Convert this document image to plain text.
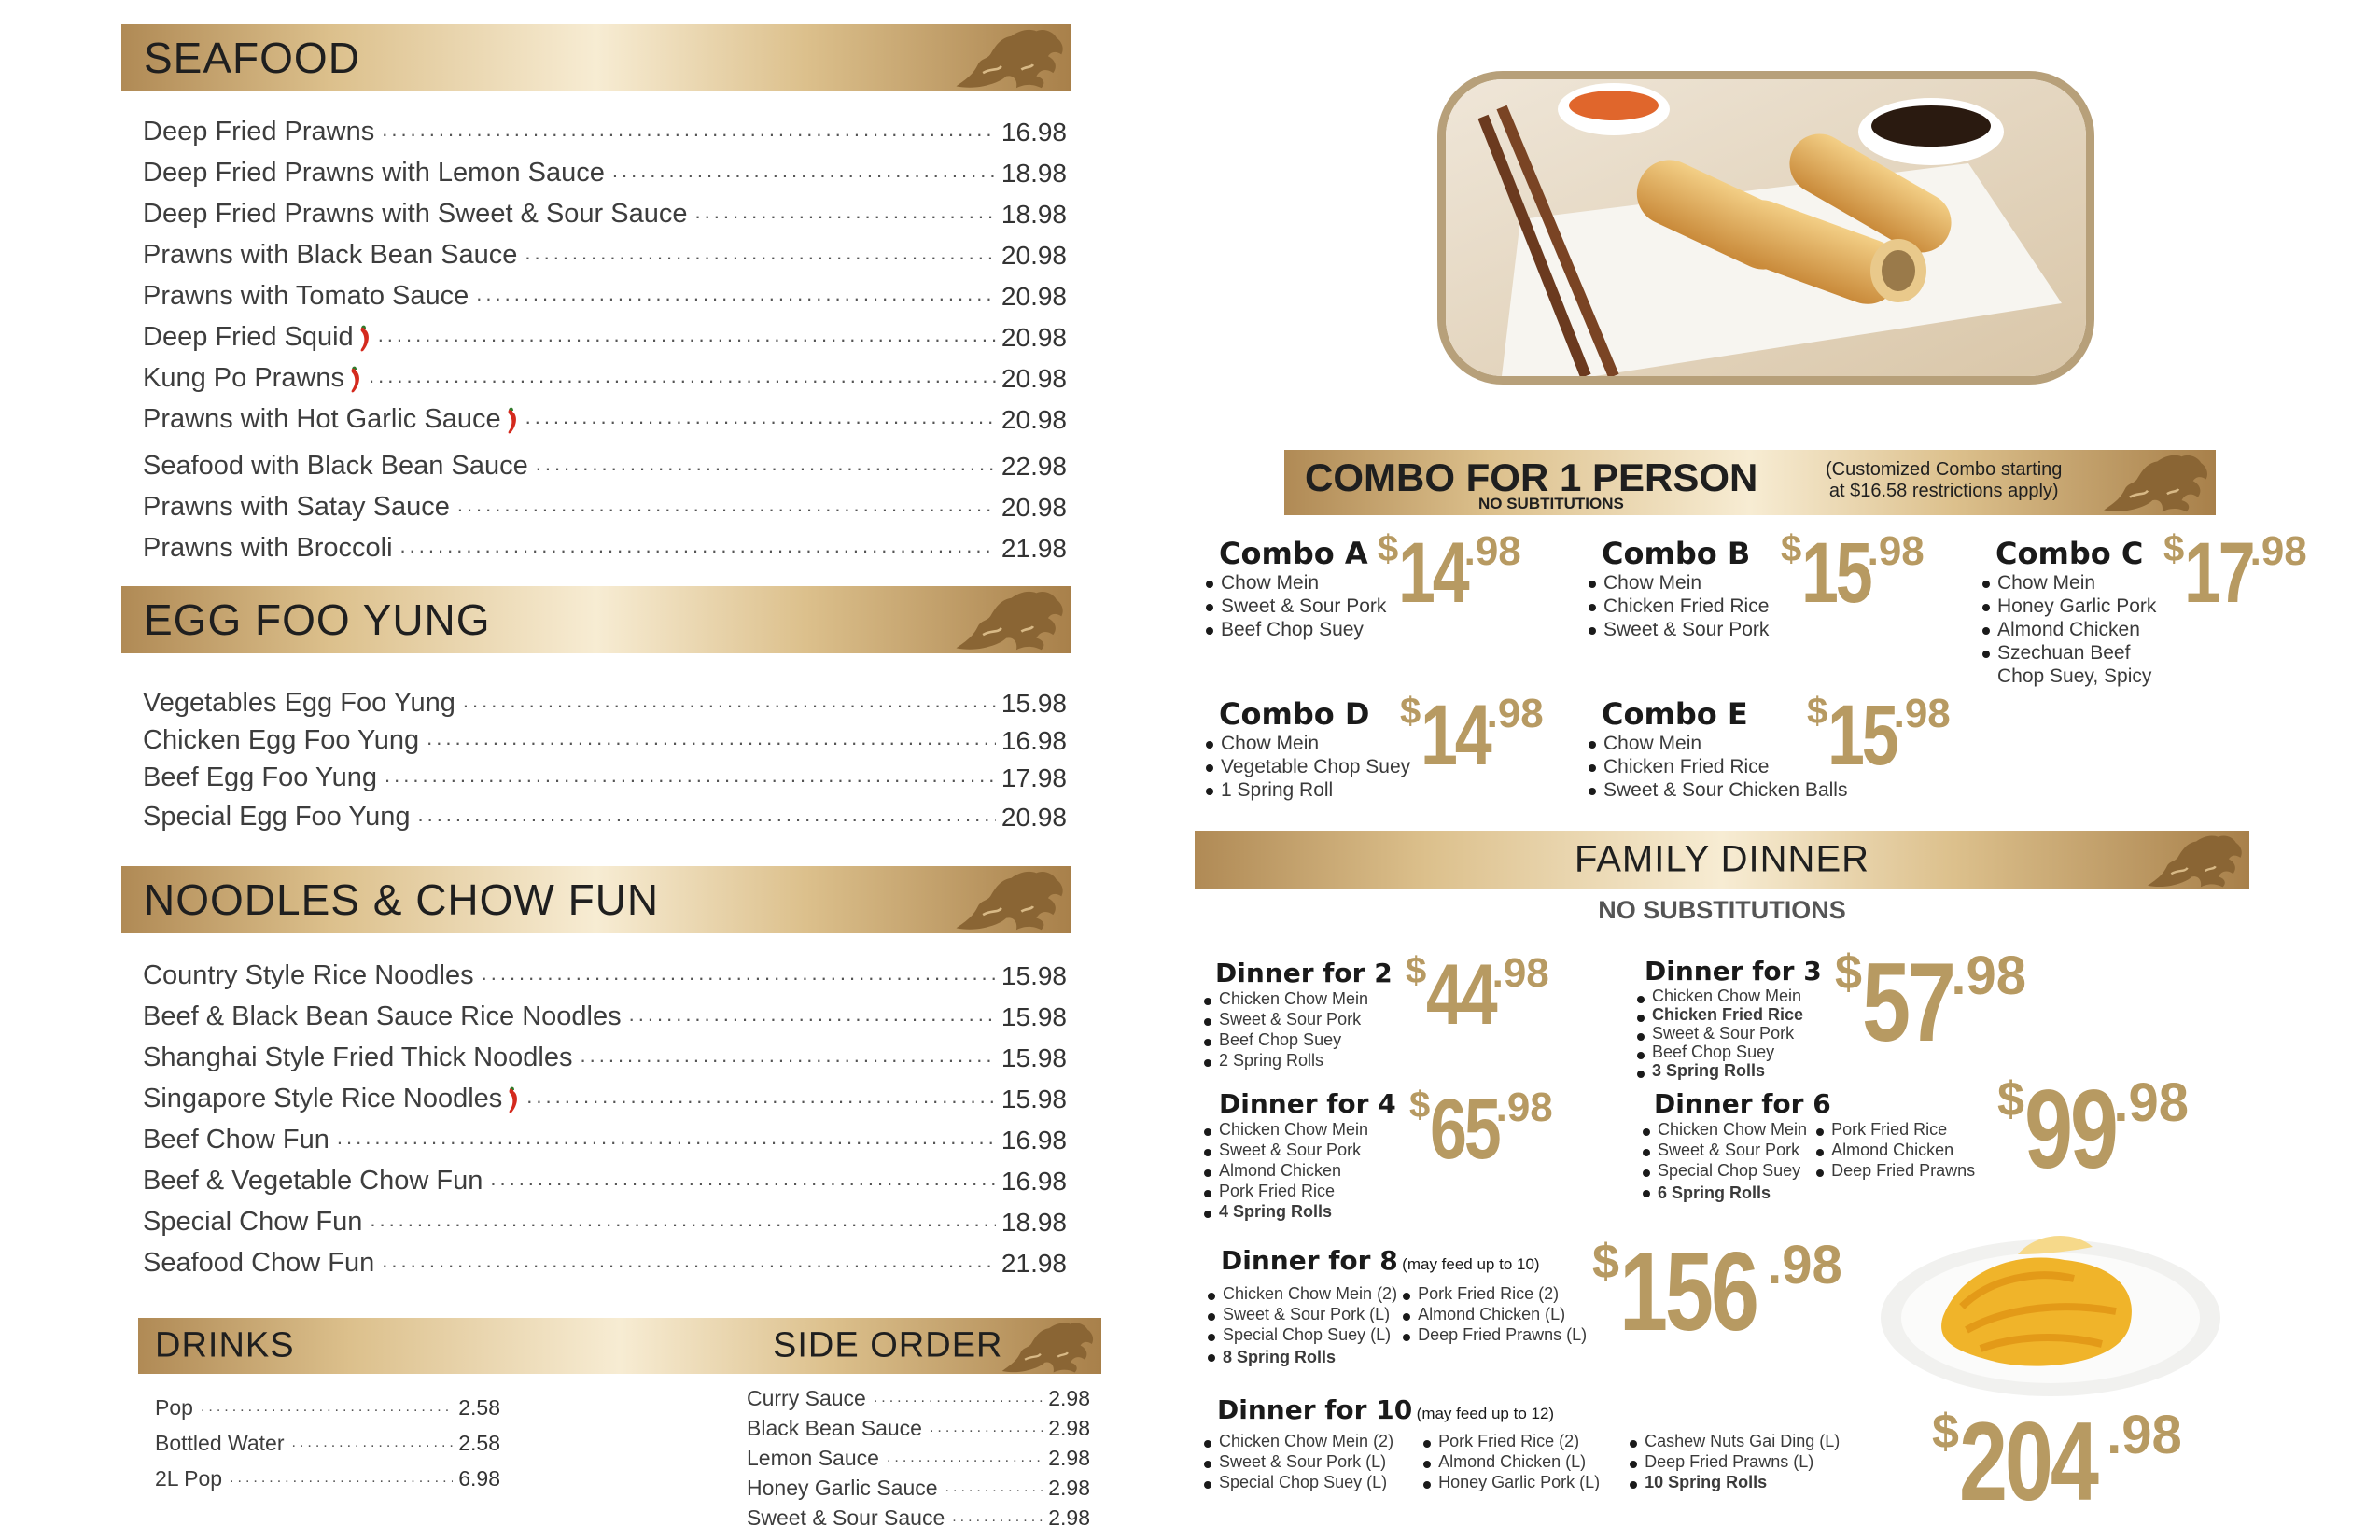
SEAFOOD
Deep Fried Prawns .....	16.98
Deep Fried Prawns with Lemon Sauce .....	18.98
Deep Fried Prawns with Sweet & Sour Sauce .....	18.98
Prawns with Black Bean Sauce .....	20.98
Prawns with Tomato Sauce .....	20.98
Deep Fried Squid .....	20.98
Kung Po Prawns .....	20.98
Prawns with Hot Garlic Sauce .....	20.98
Seafood with Black Bean Sauce .....	22.98
Prawns with Satay Sauce .....	20.98
Prawns with Broccoli .....	21.98
EGG FOO YUNG
Vegetables Egg Foo Yung .....	15.98
Chicken Egg Foo Yung .....	16.98
Beef Egg Foo Yung .....	17.98
Special Egg Foo Yung .....	20.98
NOODLES & CHOW FUN
Country Style Rice Noodles .....	15.98
Beef & Black Bean Sauce Rice Noodles .....	15.98
Shanghai Style Fried Thick Noodles .....	15.98
Singapore Style Rice Noodles .....	15.98
Beef Chow Fun .....	16.98
Beef & Vegetable Chow Fun .....	16.98
Special Chow Fun .....	18.98
Seafood Chow Fun .....	21.98
DRINKS	SIDE ORDER
Pop .....	2.58
Bottled Water .....	2.58
2L Pop .....	6.98
Curry Sauce .....	2.98
Black Bean Sauce .....	2.98
Lemon Sauce .....	2.98
Honey Garlic Sauce .....	2.98
Sweet & Sour Sauce .....	2.98
COMBO FOR 1 PERSON
NO SUBTITUTIONS
(Customized Combo starting
at $16.58 restrictions apply)
Combo A
Chow Mein
Sweet & Sour Pork
Beef Chop Suey
$14.98	Combo B
Chow Mein
Chicken Fried Rice
Sweet & Sour Pork
$15.98	Combo C
Chow Mein
Honey Garlic Pork
Almond Chicken
Szechuan Beef
Chop Suey, Spicy
$17.98
Combo D
Chow Mein
Vegetable Chop Suey
1 Spring Roll
$14.98	Combo E
Chow Mein
Chicken Fried Rice
Sweet & Sour Chicken Balls
$15.98
FAMILY DINNER
NO SUBSTITUTIONS
Dinner for 2
Chicken Chow Mein
Sweet & Sour Pork
Beef Chop Suey
2 Spring Rolls
$44.98	Dinner for 3
Chicken Chow Mein
Chicken Fried Rice
Sweet & Sour Pork
Beef Chop Suey
3 Spring Rolls
$57.98
Dinner for 4
Chicken Chow Mein
Sweet & Sour Pork
Almond Chicken
Pork Fried Rice
4 Spring Rolls
$65.98	Dinner for 6
Chicken Chow Mein
Sweet & Sour Pork
Special Chop Suey
6 Spring Rolls
Pork Fried Rice
Almond Chicken
Deep Fried Prawns
$99.98
Dinner for 8 (may feed up to 10)
Chicken Chow Mein (2)
Sweet & Sour Pork (L)
Special Chop Suey (L)
8 Spring Rolls
Pork Fried Rice (2)
Almond Chicken (L)
Deep Fried Prawns (L)
$156 .98
Dinner for 10 (may feed up to 12)
Chicken Chow Mein (2)
Sweet & Sour Pork (L)
Special Chop Suey (L)
Pork Fried Rice (2)
Almond Chicken (L)
Honey Garlic Pork (L)
Cashew Nuts Gai Ding (L)
Deep Fried Prawns (L)
10 Spring Rolls
$204 .98
